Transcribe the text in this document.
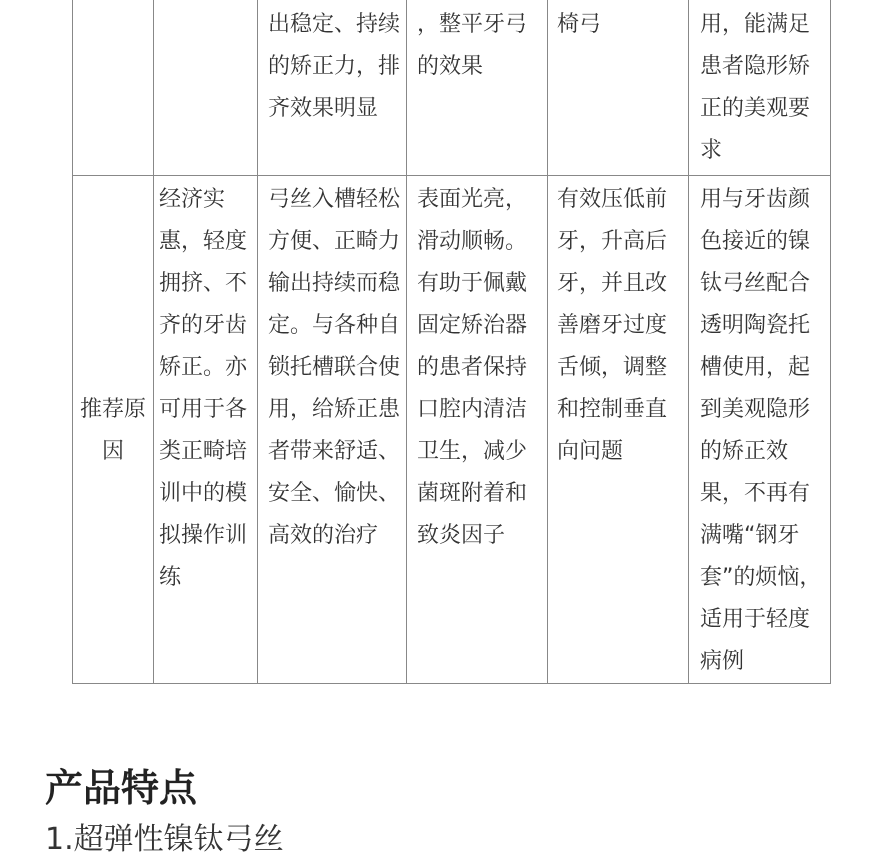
		出稳定、持续的矫正力，排齐效果明显	，整平牙弓的效果	椅弓	用，能满足患者隐形矫正的美观要求
推荐原因	经济实惠，轻度拥挤、不齐的牙齿矫正。亦可用于各类正畸培训中的模拟操作训练	弓丝入槽轻松方便、正畸力输出持续而稳定。与各种自锁托槽联合使用，给矫正患者带来舒适、安全、愉快、高效的治疗	表面光亮，滑动顺畅。有助于佩戴固定矫治器的患者保持口腔内清洁卫生，减少菌斑附着和致炎因子	有效压低前牙，升高后牙，并且改善磨牙过度舌倾，调整和控制垂直向问题	用与牙齿颜色接近的镍钛弓丝配合透明陶瓷托槽使用，起到美观隐形的矫正效果，不再有满嘴“钢牙套”的烦恼，适用于轻度病例
产品特点

1.超弹性镍钛弓丝
